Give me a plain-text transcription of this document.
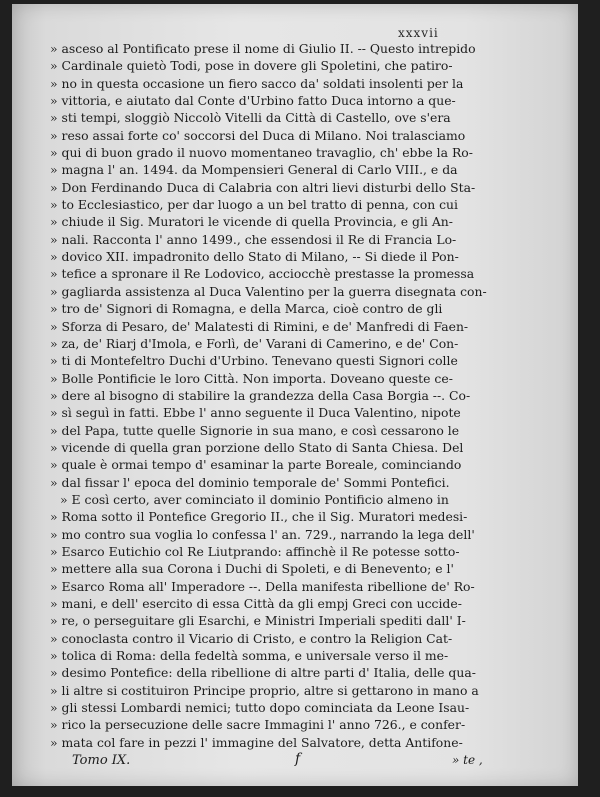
xxxvii
» asceso al Pontificato prese il nome di Giulio II. -- Questo intrepido
» Cardinale quietò Todi, pose in dovere gli Spoletini, che patiro-
» no in questa occasione un fiero sacco da' soldati insolenti per la
» vittoria, e aiutato dal Conte d'Urbino fatto Duca intorno a que-
» sti tempi, sloggiò Niccolò Vitelli da Città di Castello, ove s'era
» reso assai forte co' soccorsi del Duca di Milano. Noi tralasciamo
» qui di buon grado il nuovo momentaneo travaglio, ch' ebbe la Ro-
» magna l' an. 1494. da Mompensieri General di Carlo VIII., e da
» Don Ferdinando Duca di Calabria con altri lievi disturbi dello Sta-
» to Ecclesiastico, per dar luogo a un bel tratto di penna, con cui
» chiude il Sig. Muratori le vicende di quella Provincia, e gli An-
» nali. Racconta l' anno 1499., che essendosi il Re di Francia Lo-
» dovico XII. impadronito dello Stato di Milano, -- Si diede il Pon-
» tefice a spronare il Re Lodovico, acciocchè prestasse la promessa
» gagliarda assistenza al Duca Valentino per la guerra disegnata con-
» tro de' Signori di Romagna, e della Marca, cioè contro de gli
» Sforza di Pesaro, de' Malatesti di Rimini, e de' Manfredi di Faen-
» za, de' Riarj d'Imola, e Forlì, de' Varani di Camerino, e de' Con-
» ti di Montefeltro Duchi d'Urbino. Tenevano questi Signori colle
» Bolle Pontificie le loro Città. Non importa. Doveano queste ce-
» dere al bisogno di stabilire la grandezza della Casa Borgia --. Co-
» sì seguì in fatti. Ebbe l' anno seguente il Duca Valentino, nipote
» del Papa, tutte quelle Signorie in sua mano, e così cessarono le
» vicende di quella gran porzione dello Stato di Santa Chiesa. Del
» quale è ormai tempo d' esaminar la parte Boreale, cominciando
» dal fissar l' epoca del dominio temporale de' Sommi Pontefici.
» E così certo, aver cominciato il dominio Pontificio almeno in
» Roma sotto il Pontefice Gregorio II., che il Sig. Muratori medesi-
» mo contro sua voglia lo confessa l' an. 729., narrando la lega dell'
» Esarco Eutichio col Re Liutprando: affinchè il Re potesse sotto-
» mettere alla sua Corona i Duchi di Spoleti, e di Benevento; e l'
» Esarco Roma all' Imperadore --. Della manifesta ribellione de' Ro-
» mani, e dell' esercito di essa Città da gli empj Greci con uccide-
» re, o perseguitare gli Esarchi, e Ministri Imperiali spediti dall' I-
» conoclasta contro il Vicario di Cristo, e contro la Religion Cat-
» tolica di Roma: della fedeltà somma, e universale verso il me-
» desimo Pontefice: della ribellione di altre parti d' Italia, delle qua-
» li altre si costituiron Principe proprio, altre si gettarono in mano a
» gli stessi Lombardi nemici; tutto dopo cominciata da Leone Isau-
» rico la persecuzione delle sacre Immagini l' anno 726., e confer-
» mata col fare in pezzi l' immagine del Salvatore, detta Antifone-
Tomo IX.	f	» te ,
